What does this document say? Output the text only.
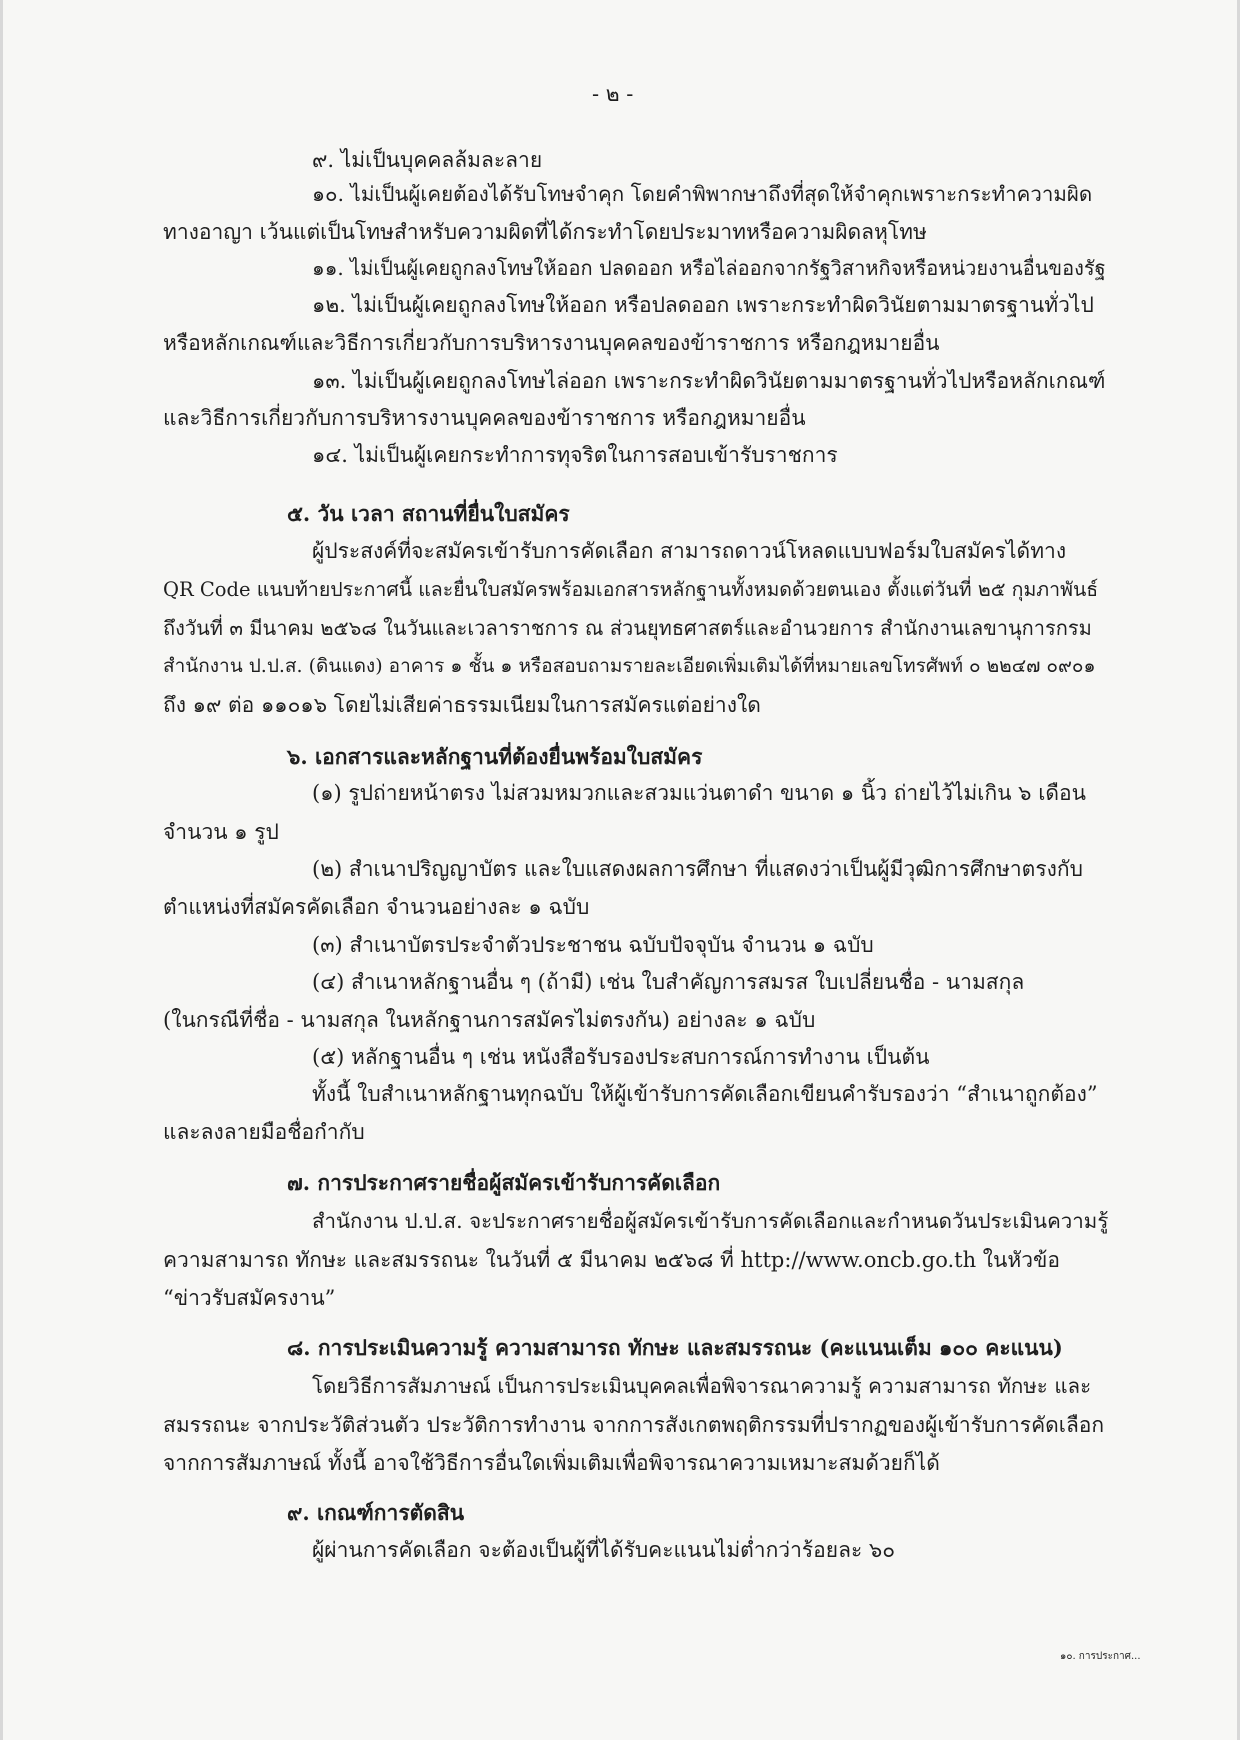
- ๒ -
๙. ไม่เป็นบุคคลล้มละลาย
๑๐. ไม่เป็นผู้เคยต้องได้รับโทษจำคุก โดยคำพิพากษาถึงที่สุดให้จำคุกเพราะกระทำความผิด
ทางอาญา เว้นแต่เป็นโทษสำหรับความผิดที่ได้กระทำโดยประมาทหรือความผิดลหุโทษ
๑๑. ไม่เป็นผู้เคยถูกลงโทษให้ออก ปลดออก หรือไล่ออกจากรัฐวิสาหกิจหรือหน่วยงานอื่นของรัฐ
๑๒. ไม่เป็นผู้เคยถูกลงโทษให้ออก หรือปลดออก เพราะกระทำผิดวินัยตามมาตรฐานทั่วไป
หรือหลักเกณฑ์และวิธีการเกี่ยวกับการบริหารงานบุคคลของข้าราชการ หรือกฎหมายอื่น
๑๓. ไม่เป็นผู้เคยถูกลงโทษไล่ออก เพราะกระทำผิดวินัยตามมาตรฐานทั่วไปหรือหลักเกณฑ์
และวิธีการเกี่ยวกับการบริหารงานบุคคลของข้าราชการ หรือกฎหมายอื่น
๑๔. ไม่เป็นผู้เคยกระทำการทุจริตในการสอบเข้ารับราชการ
๕. วัน เวลา สถานที่ยื่นใบสมัคร
ผู้ประสงค์ที่จะสมัครเข้ารับการคัดเลือก สามารถดาวน์โหลดแบบฟอร์มใบสมัครได้ทาง
QR Code แนบท้ายประกาศนี้ และยื่นใบสมัครพร้อมเอกสารหลักฐานทั้งหมดด้วยตนเอง ตั้งแต่วันที่ ๒๕ กุมภาพันธ์
ถึงวันที่ ๓ มีนาคม ๒๕๖๘ ในวันและเวลาราชการ ณ ส่วนยุทธศาสตร์และอำนวยการ สำนักงานเลขานุการกรม
สำนักงาน ป.ป.ส. (ดินแดง) อาคาร ๑ ชั้น ๑ หรือสอบถามรายละเอียดเพิ่มเติมได้ที่หมายเลขโทรศัพท์ ๐ ๒๒๔๗ ๐๙๐๑
ถึง ๑๙ ต่อ ๑๑๐๑๖ โดยไม่เสียค่าธรรมเนียมในการสมัครแต่อย่างใด
๖. เอกสารและหลักฐานที่ต้องยื่นพร้อมใบสมัคร
(๑) รูปถ่ายหน้าตรง ไม่สวมหมวกและสวมแว่นตาดำ ขนาด ๑ นิ้ว ถ่ายไว้ไม่เกิน ๖ เดือน
จำนวน ๑ รูป
(๒) สำเนาปริญญาบัตร และใบแสดงผลการศึกษา ที่แสดงว่าเป็นผู้มีวุฒิการศึกษาตรงกับ
ตำแหน่งที่สมัครคัดเลือก จำนวนอย่างละ ๑ ฉบับ
(๓) สำเนาบัตรประจำตัวประชาชน ฉบับปัจจุบัน จำนวน ๑ ฉบับ
(๔) สำเนาหลักฐานอื่น ๆ (ถ้ามี) เช่น ใบสำคัญการสมรส ใบเปลี่ยนชื่อ - นามสกุล
(ในกรณีที่ชื่อ - นามสกุล ในหลักฐานการสมัครไม่ตรงกัน) อย่างละ ๑ ฉบับ
(๕) หลักฐานอื่น ๆ เช่น หนังสือรับรองประสบการณ์การทำงาน เป็นต้น
ทั้งนี้ ใบสำเนาหลักฐานทุกฉบับ ให้ผู้เข้ารับการคัดเลือกเขียนคำรับรองว่า “สำเนาถูกต้อง”
และลงลายมือชื่อกำกับ
๗. การประกาศรายชื่อผู้สมัครเข้ารับการคัดเลือก
สำนักงาน ป.ป.ส. จะประกาศรายชื่อผู้สมัครเข้ารับการคัดเลือกและกำหนดวันประเมินความรู้
ความสามารถ ทักษะ และสมรรถนะ ในวันที่ ๕ มีนาคม ๒๕๖๘ ที่ http://www.oncb.go.th ในหัวข้อ
“ข่าวรับสมัครงาน”
๘. การประเมินความรู้ ความสามารถ ทักษะ และสมรรถนะ (คะแนนเต็ม ๑๐๐ คะแนน)
โดยวิธีการสัมภาษณ์ เป็นการประเมินบุคคลเพื่อพิจารณาความรู้ ความสามารถ ทักษะ และ
สมรรถนะ จากประวัติส่วนตัว ประวัติการทำงาน จากการสังเกตพฤติกรรมที่ปรากฏของผู้เข้ารับการคัดเลือก
จากการสัมภาษณ์ ทั้งนี้ อาจใช้วิธีการอื่นใดเพิ่มเติมเพื่อพิจารณาความเหมาะสมด้วยก็ได้
๙. เกณฑ์การตัดสิน
ผู้ผ่านการคัดเลือก จะต้องเป็นผู้ที่ได้รับคะแนนไม่ต่ำกว่าร้อยละ ๖๐
๑๐. การประกาศ...
